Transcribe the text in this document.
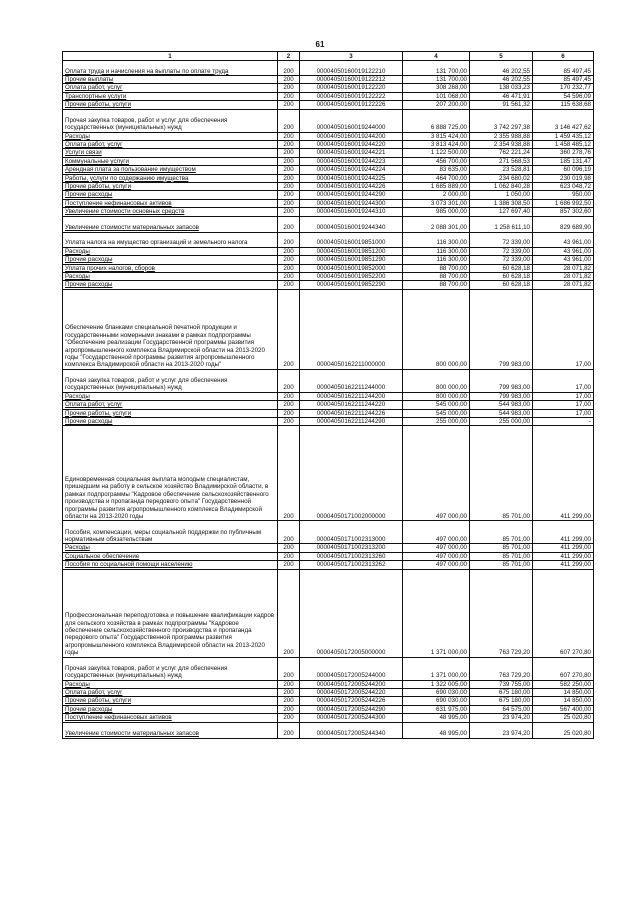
61
1	2	3	4	5	6
Оплата труда и начисления на выплаты по оплате труда	200	00004050160019122210	131 700,00	46 202,55	85 497,45
Прочие выплаты	200	00004050160019122212	131 700,00	46 202,55	85 497,45
Оплата работ, услуг	200	00004050160019122220	308 268,00	138 033,23	170 232,77
Транспортные услуги	200	00004050160019122222	101 068,00	46 471,91	54 596,09
Прочие работы, услуги	200	00004050160019122226	207 200,00	91 561,32	115 638,68
Прочая закупка товаров, работ и услуг для обеспечения государственных (муниципальных) нужд	200	00004050160019244000	6 888 725,00	3 742 297,38	3 146 427,62
Расходы	200	00004050160019244200	3 815 424,00	2 355 988,88	1 459 435,12
Оплата работ, услуг	200	00004050160019244220	3 813 424,00	2 354 938,88	1 458 485,12
Услуги связи	200	00004050160019244221	1 122 500,00	762 221,24	360 278,76
Коммунальные услуги	200	00004050160019244223	456 700,00	271 568,53	185 131,47
Арендная плата за пользование имуществом	200	00004050160019244224	83 635,00	23 528,81	60 096,19
Работы, услуги по содержанию имущества	200	00004050160019244225	464 700,00	234 680,02	230 019,98
Прочие работы, услуги	200	00004050160019244226	1 685 889,00	1 062 840,28	623 048,72
Прочие расходы	200	00004050160019244290	2 000,00	1 050,00	950,00
Поступление нефинансовых активов	200	00004050160019244300	3 073 301,00	1 386 308,50	1 686 992,50
Увеличение стоимости основных средств	200	00004050160019244310	985 000,00	127 697,40	857 302,60
Увеличение стоимости материальных запасов	200	00004050160019244340	2 088 301,00	1 258 611,10	829 689,90
Уплата налога на имущество организаций и земельного налога	200	00004050160019851000	116 300,00	72 339,00	43 961,00
Расходы	200	00004050160019851200	116 300,00	72 339,00	43 961,00
Прочие расходы	200	00004050160019851290	116 300,00	72 339,00	43 961,00
Уплата прочих налогов, сборов	200	00004050160019852000	88 700,00	60 628,18	28 071,82
Расходы	200	00004050160019852200	88 700,00	60 628,18	28 071,82
Прочие расходы	200	00004050160019852290	88 700,00	60 628,18	28 071,82
Обеспечение бланками специальной печатной продукции и государственными номерными знаками в рамках подпрограммы "Обеспечение реализации Государственной программы развития агропромышленного комплекса Владимирской области на 2013-2020 годы "Государственной программы развития агропромышленного комплекса Владимирской области на 2013-2020 годы"	200	00004050162211000000	800 000,00	799 983,00	17,00
Прочая закупка товаров, работ и услуг для обеспечения государственных (муниципальных) нужд	200	00004050162211244000	800 000,00	799 983,00	17,00
Расходы	200	00004050162211244200	800 000,00	799 983,00	17,00
Оплата работ, услуг	200	00004050162211244220	545 000,00	544 983,00	17,00
Прочие работы, услуги	200	00004050162211244226	545 000,00	544 983,00	17,00
Прочие расходы	200	00004050162211244290	255 000,00	255 000,00	-
Единовременная социальная выплата молодым специалистам, пришедшим на работу в сельское хозяйство Владимирской области, в рамках подпрограммы "Кадровое обеспечение сельскохозяйственного производства и пропаганда передового опыта" Государственной программы развития агропромышленного комплекса Владимирской области на 2013-2020 годы	200	00004050171002000000	497 000,00	85 701,00	411 299,00
Пособия, компенсации, меры социальной поддержки по публичным нормативным обязательствам	200	00004050171002313000	497 000,00	85 701,00	411 299,00
Расходы	200	00004050171002313200	497 000,00	85 701,00	411 299,00
Социальное обеспечение	200	00004050171002313260	497 000,00	85 701,00	411 299,00
Пособия по социальной помощи населению	200	00004050171002313262	497 000,00	85 701,00	411 299,00
Профессиональная переподготовка и повышение квалификации кадров для сельского хозяйства в рамках подпрограммы "Кадровое обеспечение сельскохозяйственного производства и пропаганда передового опыта" Государственной программы развития агропромышленного комплекса Владимирской области на 2013-2020 годы	200	00004050172005000000	1 371 000,00	763 729,20	607 270,80
Прочая закупка товаров, работ и услуг для обеспечения государственных (муниципальных) нужд	200	00004050172005244000	1 371 000,00	763 729,20	607 270,80
Расходы	200	00004050172005244200	1 322 005,00	739 755,00	582 250,00
Оплата работ, услуг	200	00004050172005244220	690 030,00	675 180,00	14 850,00
Прочие работы, услуги	200	00004050172005244226	690 030,00	675 180,00	14 850,00
Прочие расходы	200	00004050172005244290	631 975,00	64 575,00	567 400,00
Поступление нефинансовых активов	200	00004050172005244300	48 995,00	23 974,20	25 020,80
Увеличение стоимости материальных запасов	200	00004050172005244340	48 995,00	23 974,20	25 020,80
